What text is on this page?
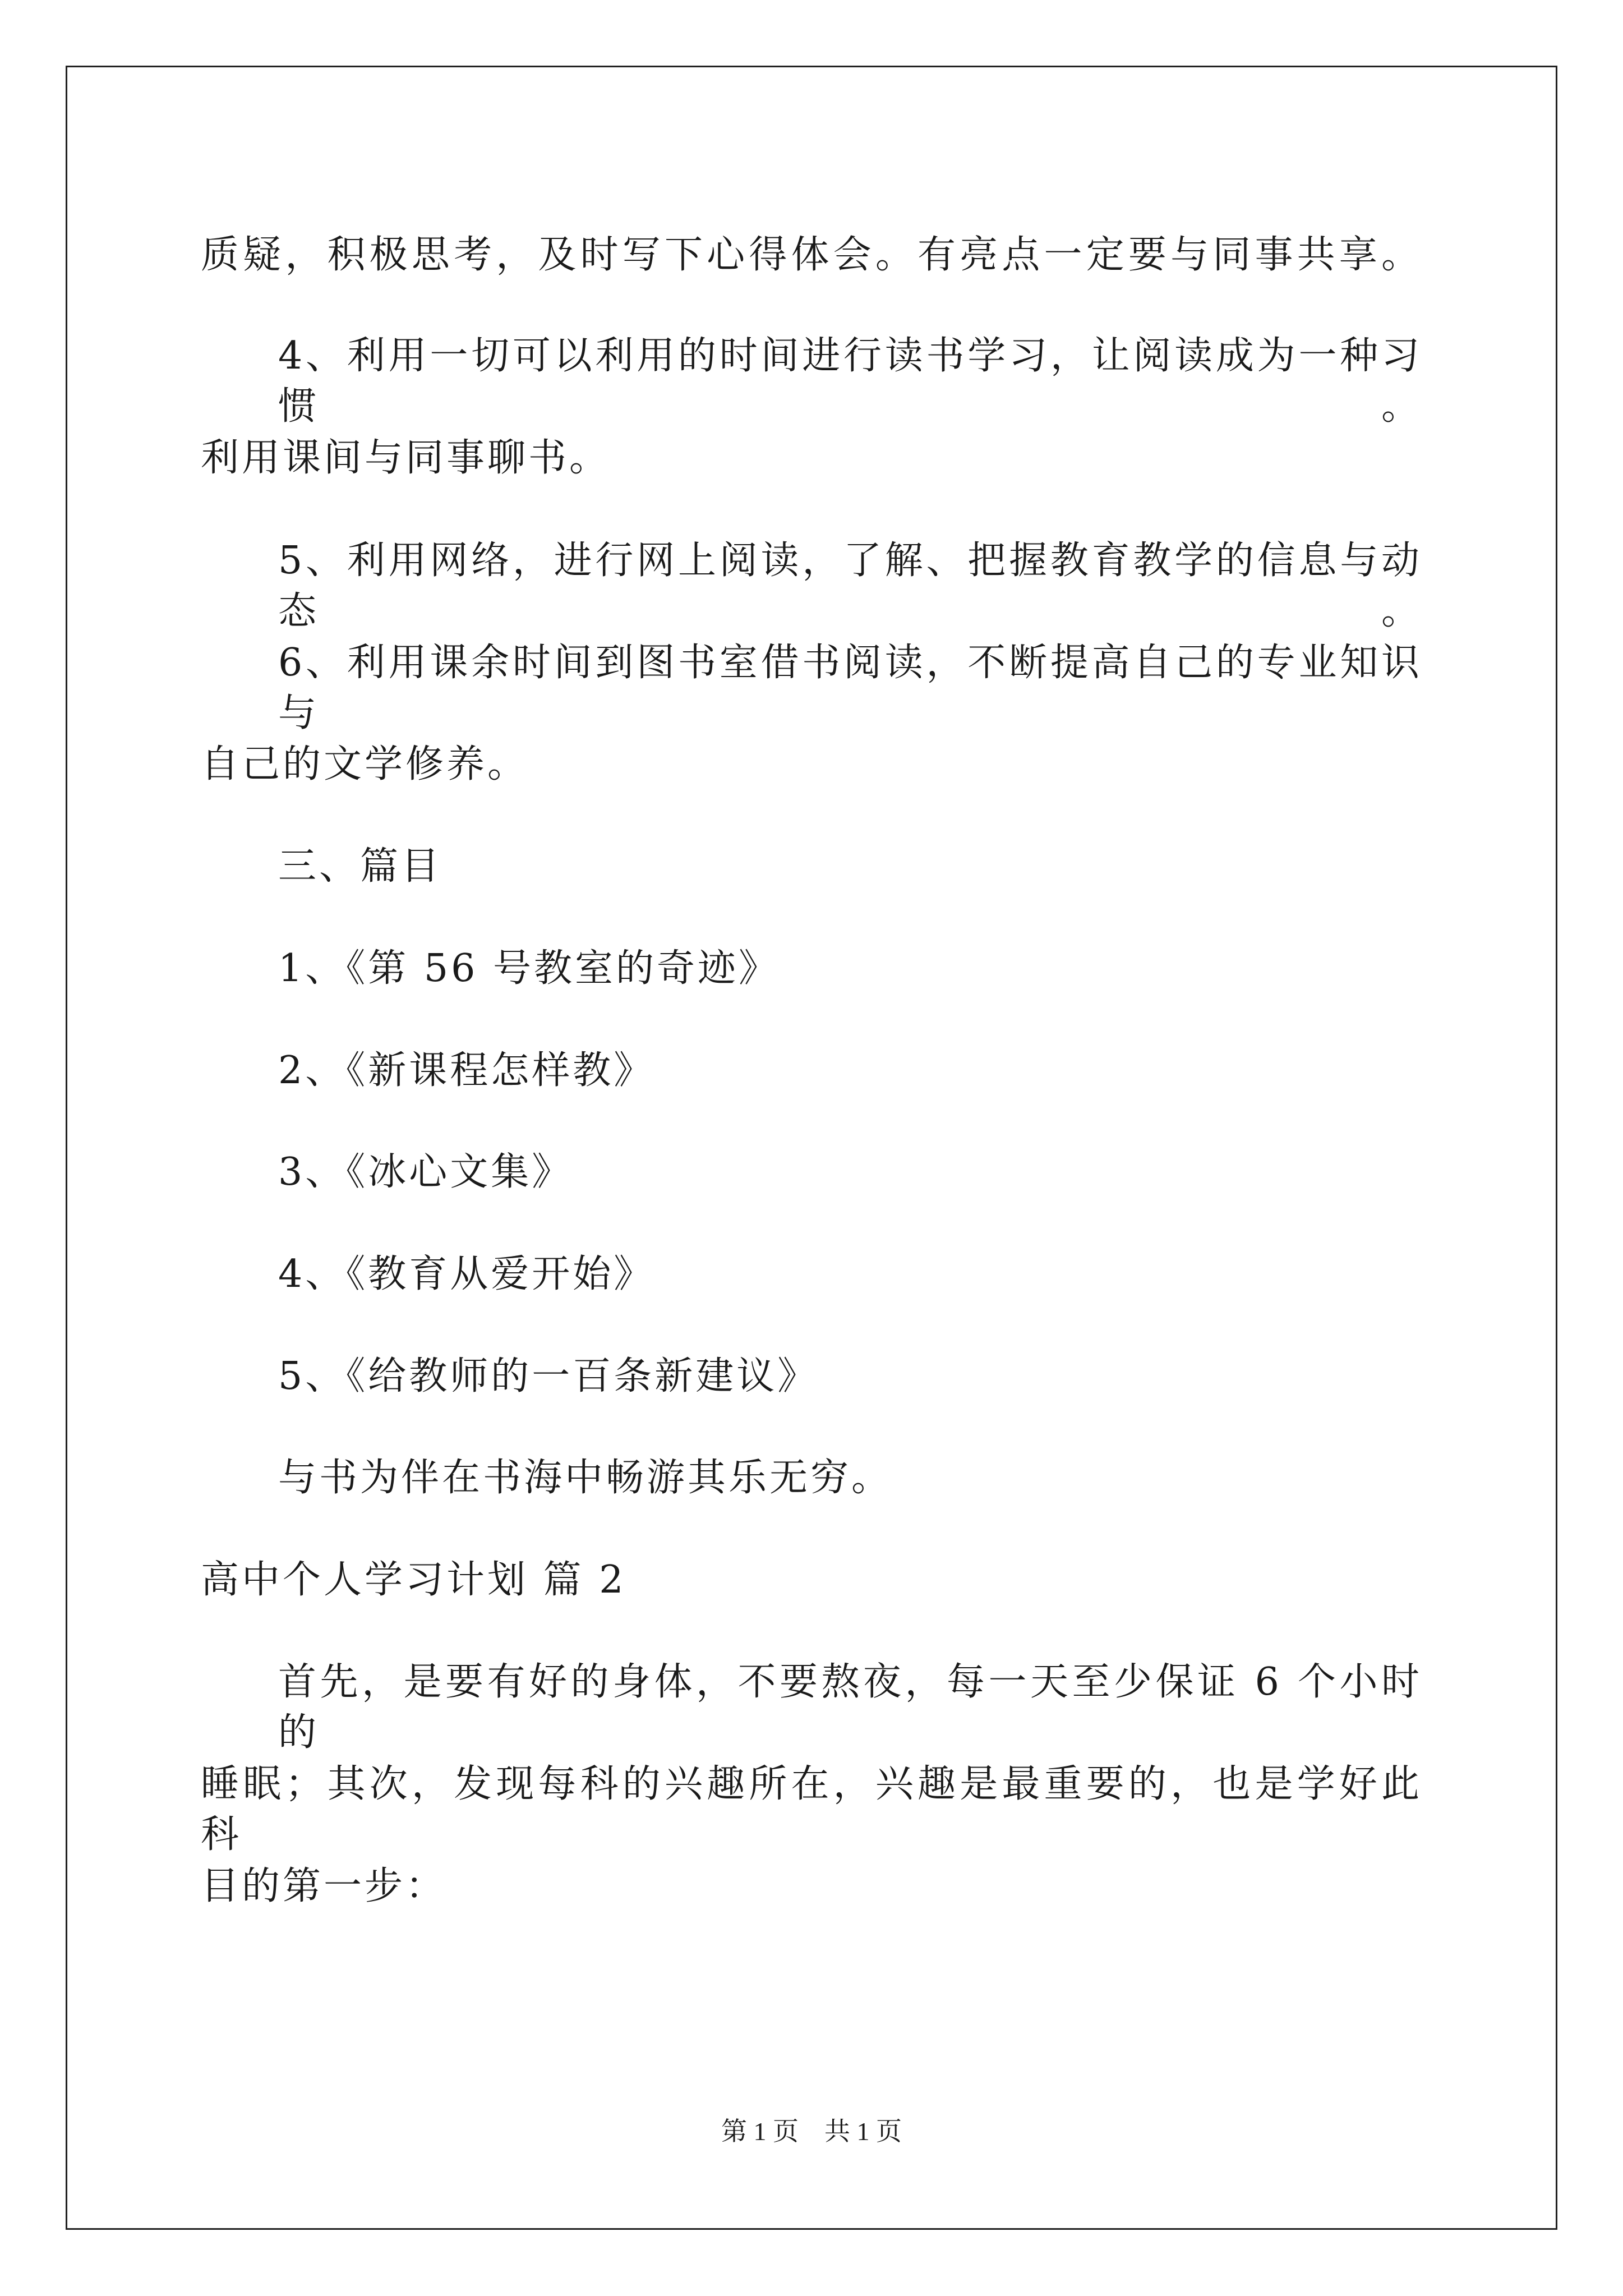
质疑，积极思考，及时写下心得体会。有亮点一定要与同事共享。
4、利用一切可以利用的时间进行读书学习，让阅读成为一种习惯。
利用课间与同事聊书。
5、利用网络，进行网上阅读，了解、把握教育教学的信息与动态。
6、利用课余时间到图书室借书阅读，不断提高自己的专业知识与
自己的文学修养。
三、篇目
1、《第 56 号教室的奇迹》
2、《新课程怎样教》
3、《冰心文集》
4、《教育从爱开始》
5、《给教师的一百条新建议》
与书为伴在书海中畅游其乐无穷。
高中个人学习计划 篇 2
首先，是要有好的身体，不要熬夜，每一天至少保证 6 个小时的
睡眠；其次，发现每科的兴趣所在，兴趣是最重要的，也是学好此科
目的第一步：
第 1 页    共 1 页
